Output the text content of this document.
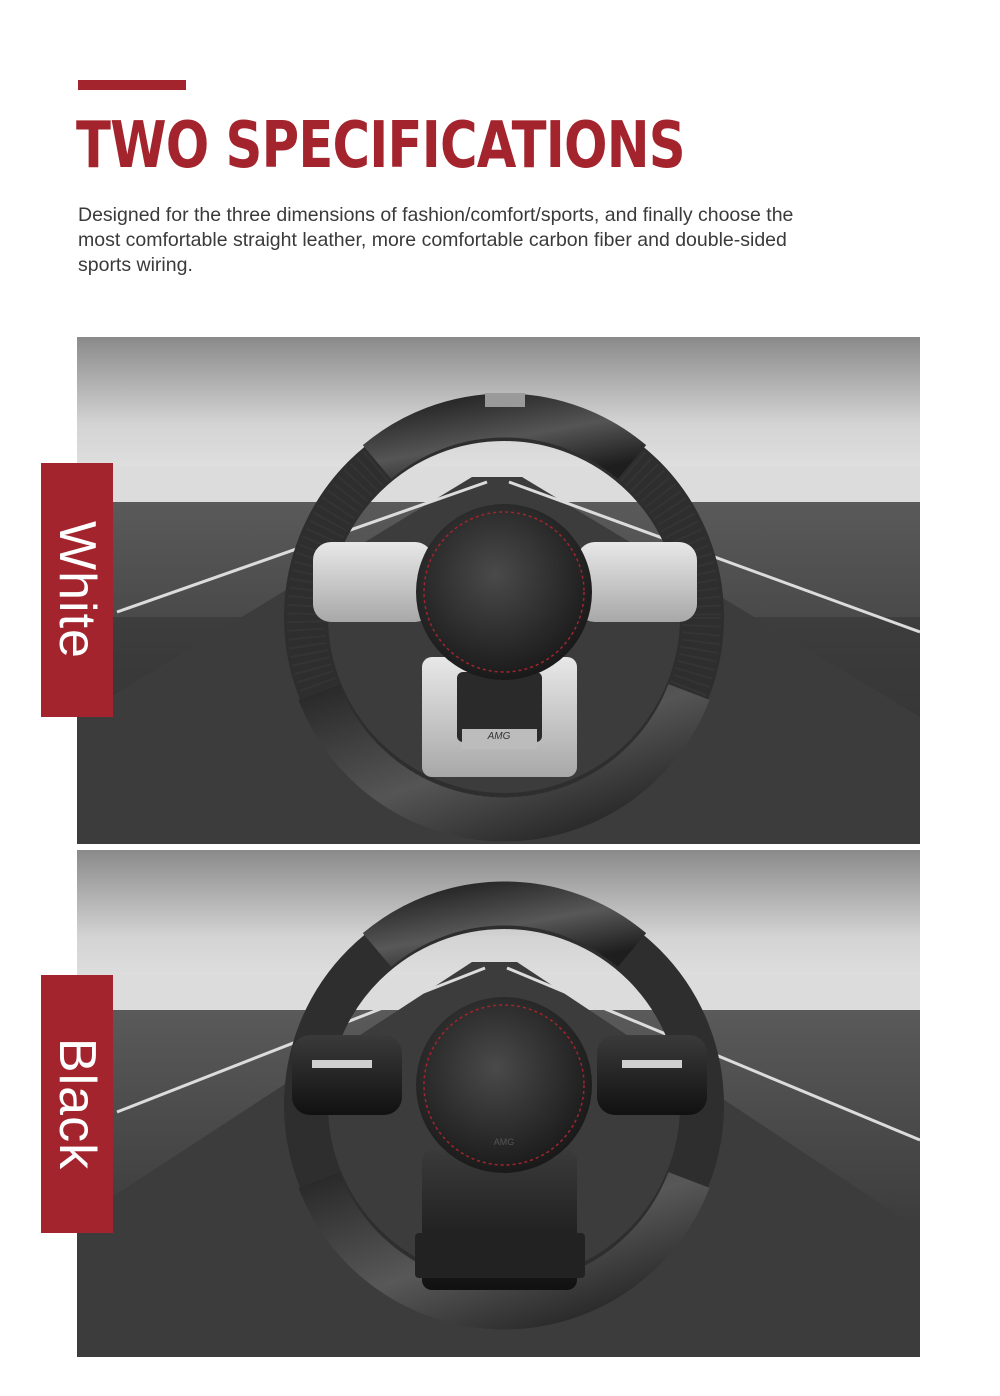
TWO SPECIFICATIONS

Designed for the three dimensions of fashion/comfort/sports, and finally choose the most comfortable straight leather, more comfortable carbon fiber and double-sided sports wiring.

White
AMG
Black	AMG
